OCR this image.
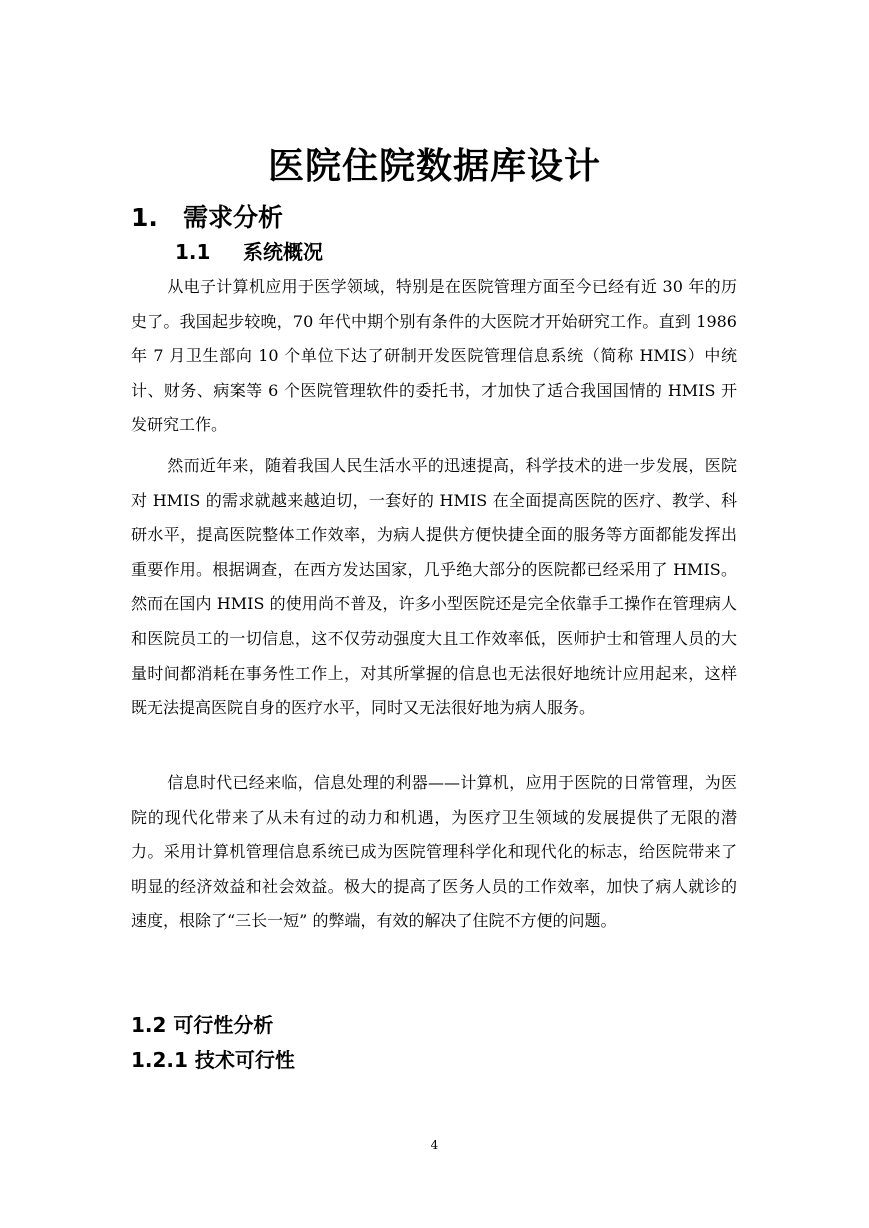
医院住院数据库设计
1. 需求分析
1.1 系统概况

从电子计算机应用于医学领域，特别是在医院管理方面至今已经有近 30 年的历史了。我国起步较晚，70 年代中期个别有条件的大医院才开始研究工作。直到 1986 年 7 月卫生部向 10 个单位下达了研制开发医院管理信息系统（简称 HMIS）中统计、财务、病案等 6 个医院管理软件的委托书，才加快了适合我国国情的 HMIS 开发研究工作。

然而近年来，随着我国人民生活水平的迅速提高，科学技术的进一步发展，医院对 HMIS 的需求就越来越迫切，一套好的 HMIS 在全面提高医院的医疗、教学、科研水平，提高医院整体工作效率，为病人提供方便快捷全面的服务等方面都能发挥出重要作用。根据调查，在西方发达国家，几乎绝大部分的医院都已经采用了 HMIS。然而在国内 HMIS 的使用尚不普及，许多小型医院还是完全依靠手工操作在管理病人和医院员工的一切信息，这不仅劳动强度大且工作效率低，医师护士和管理人员的大量时间都消耗在事务性工作上，对其所掌握的信息也无法很好地统计应用起来，这样既无法提高医院自身的医疗水平，同时又无法很好地为病人服务。

信息时代已经来临，信息处理的利器——计算机，应用于医院的日常管理，为医院的现代化带来了从未有过的动力和机遇，为医疗卫生领域的发展提供了无限的潜力。采用计算机管理信息系统已成为医院管理科学化和现代化的标志，给医院带来了明显的经济效益和社会效益。极大的提高了医务人员的工作效率，加快了病人就诊的速度，根除了“三长一短” 的弊端，有效的解决了住院不方便的问题。

1.2 可行性分析
1.2.1 技术可行性
4
